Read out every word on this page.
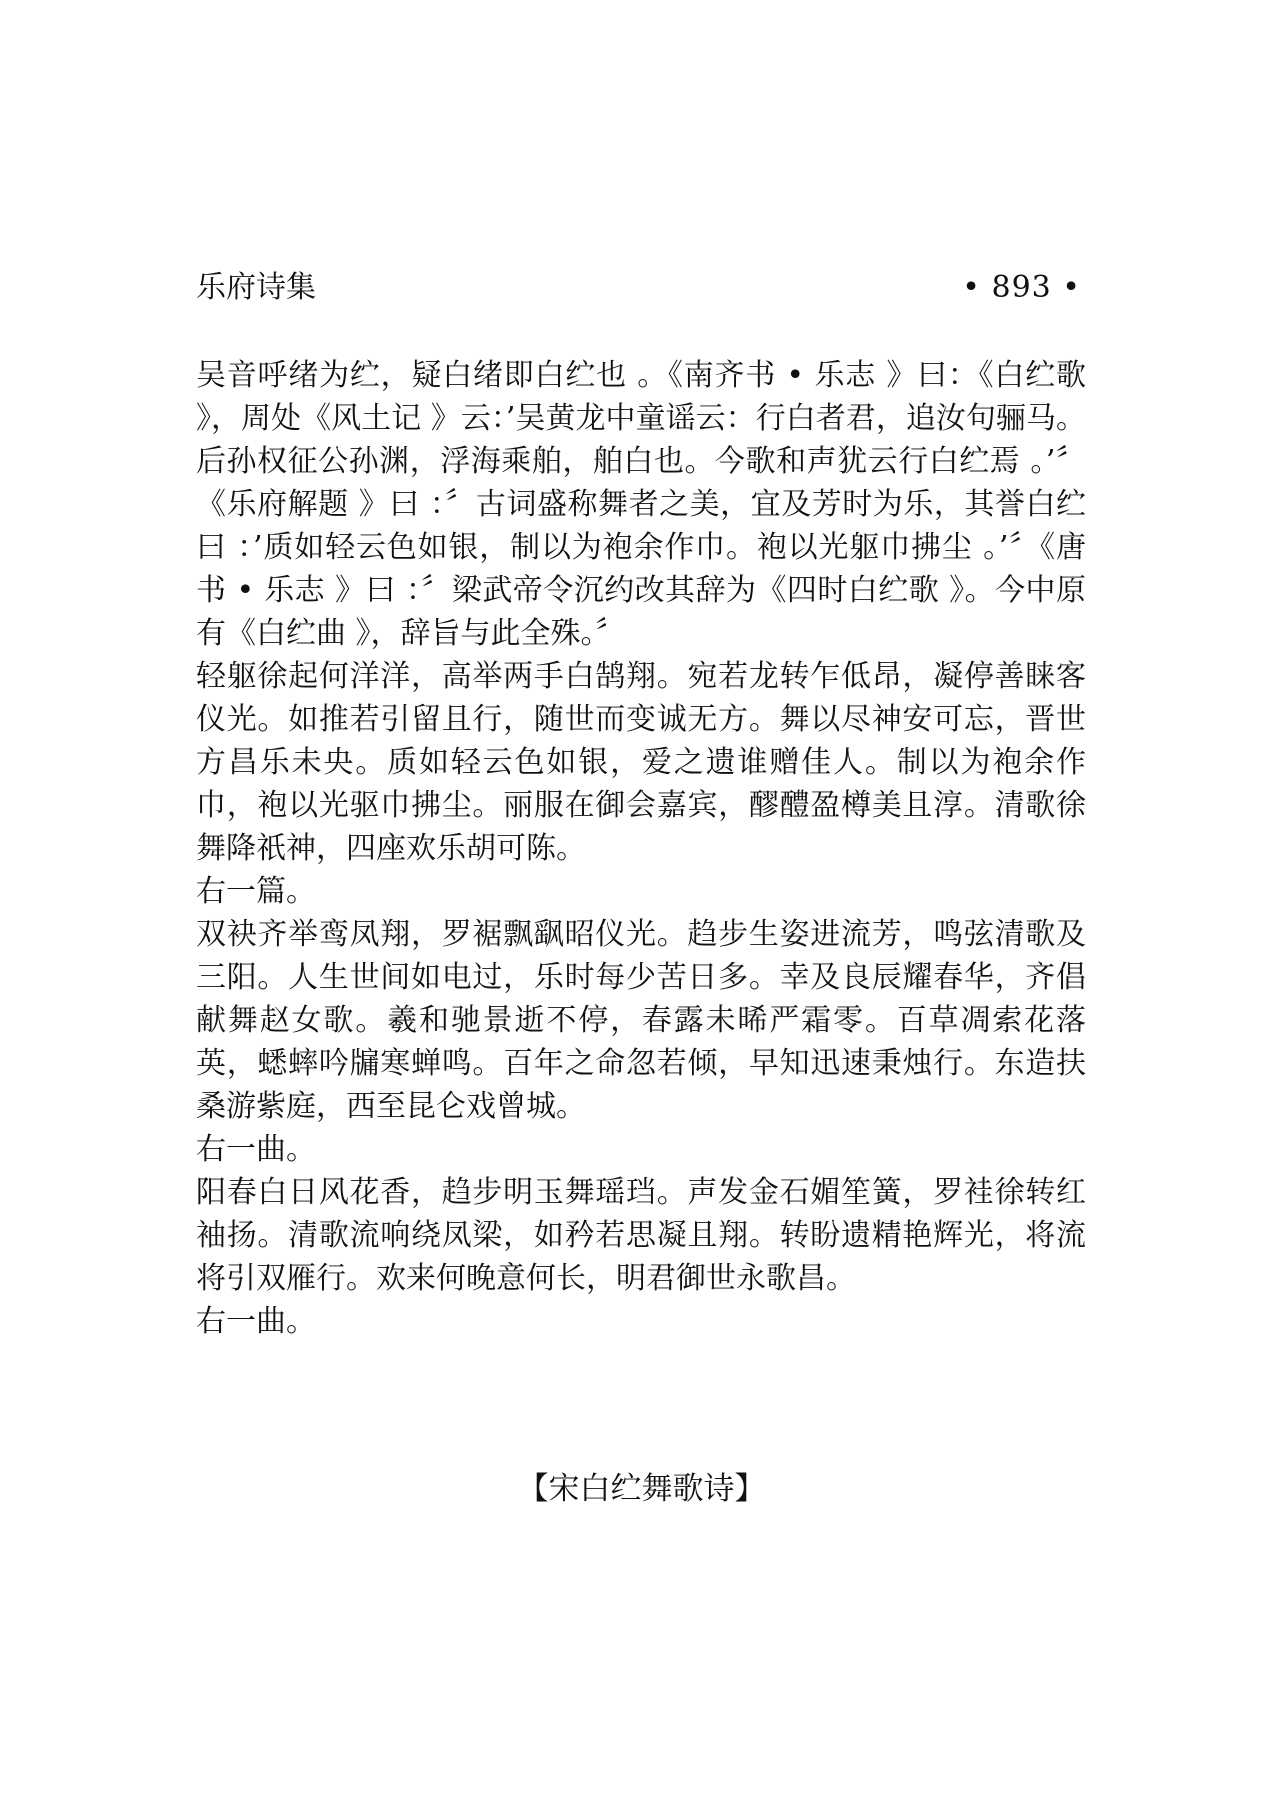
乐府诗集	• 893 •

吴音呼绪为纻，疑白绪即白纻也 。《南齐书 • 乐志 》曰：《白纻歌 》，周处《风土记 》云：’吴黄龙中童谣云：行白者君，追汝句骊马。后孙权征公孙渊，浮海乘舶，舶白也。今歌和声犹云行白纻焉 。’〞《乐府解题 》曰 ：〞古词盛称舞者之美，宜及芳时为乐，其誉白纻曰 ：’质如轻云色如银，制以为袍余作巾。袍以光躯巾拂尘 。’〞《唐书 • 乐志 》曰 ：〞梁武帝令沉约改其辞为《四时白纻歌 》。今中原有《白纻曲 》，辞旨与此全殊。〞

轻躯徐起何洋洋，高举两手白鹄翔。宛若龙转乍低昂，凝停善睐客仪光。如推若引留且行，随世而变诚无方。舞以尽神安可忘，晋世方昌乐未央。质如轻云色如银，爱之遗谁赠佳人。制以为袍余作巾，袍以光驱巾拂尘。丽服在御会嘉宾，醪醴盈樽美且淳。清歌徐舞降祇神，四座欢乐胡可陈。

右一篇。

双袂齐举鸾凤翔，罗裾飘飖昭仪光。趋步生姿进流芳，鸣弦清歌及三阳。人生世间如电过，乐时每少苦日多。幸及良辰耀春华，齐倡献舞赵女歌。羲和驰景逝不停，春露未晞严霜零。百草凋索花落英，蟋蟀吟牖寒蝉鸣。百年之命忽若倾，早知迅速秉烛行。东造扶桑游紫庭，西至昆仑戏曾城。

右一曲。

阳春白日风花香，趋步明玉舞瑶珰。声发金石媚笙簧，罗袿徐转红袖扬。清歌流响绕凤梁，如矜若思凝且翔。转盼遗精艳辉光，将流将引双雁行。欢来何晚意何长，明君御世永歌昌。

右一曲。

【宋白纻舞歌诗】
